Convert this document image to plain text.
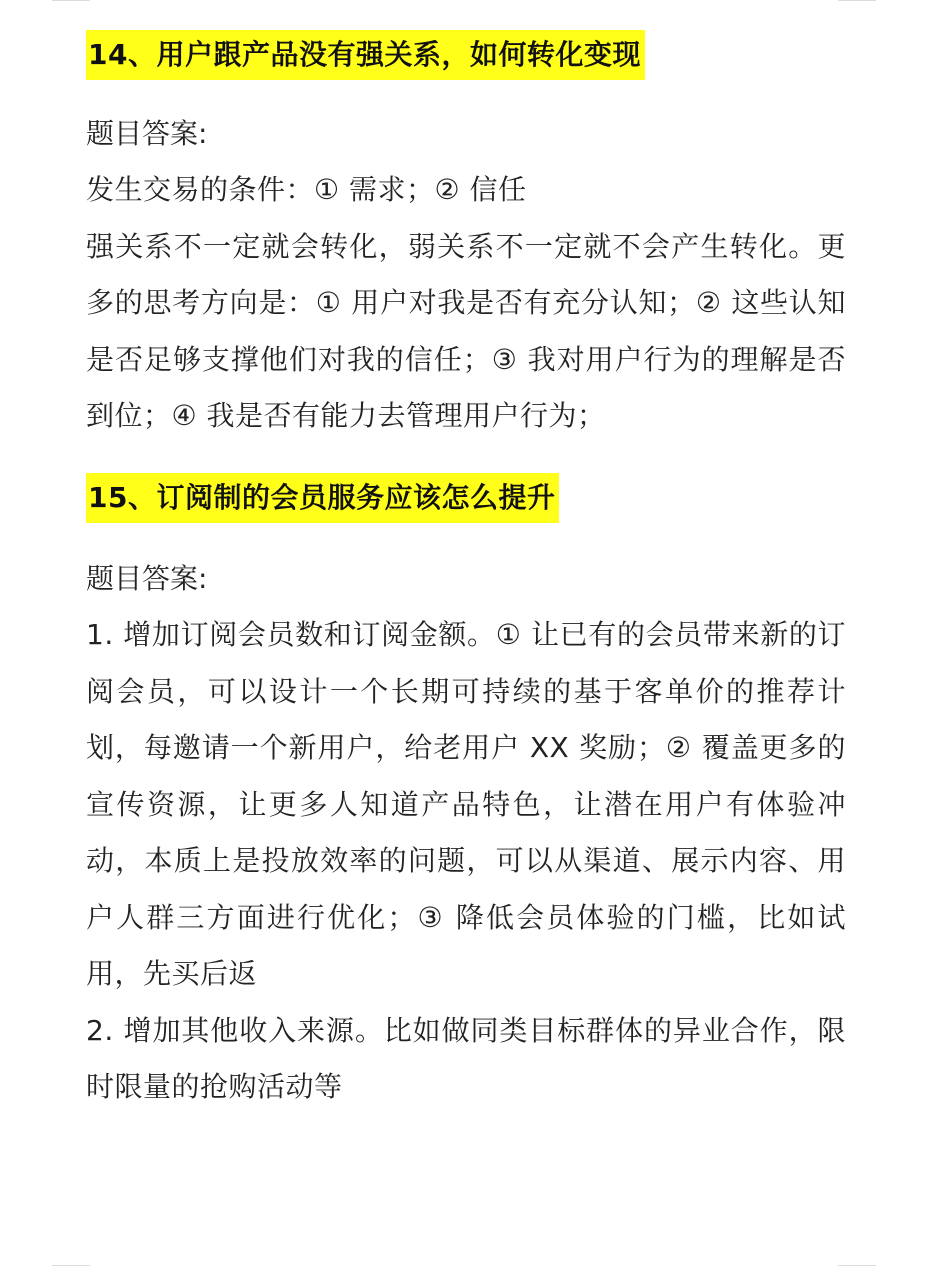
14、用户跟产品没有强关系，如何转化变现
题目答案:
发生交易的条件：① 需求；② 信任
强关系不一定就会转化，弱关系不一定就不会产生转化。更多的思考方向是：① 用户对我是否有充分认知；② 这些认知是否足够支撑他们对我的信任；③ 我对用户行为的理解是否到位；④ 我是否有能力去管理用户行为；
15、订阅制的会员服务应该怎么提升
题目答案:
1. 增加订阅会员数和订阅金额。① 让已有的会员带来新的订阅会员，可以设计一个长期可持续的基于客单价的推荐计划，每邀请一个新用户，给老用户 XX 奖励；② 覆盖更多的宣传资源，让更多人知道产品特色，让潜在用户有体验冲动，本质上是投放效率的问题，可以从渠道、展示内容、用户人群三方面进行优化；③ 降低会员体验的门槛，比如试用，先买后返
2. 增加其他收入来源。比如做同类目标群体的异业合作，限时限量的抢购活动等
